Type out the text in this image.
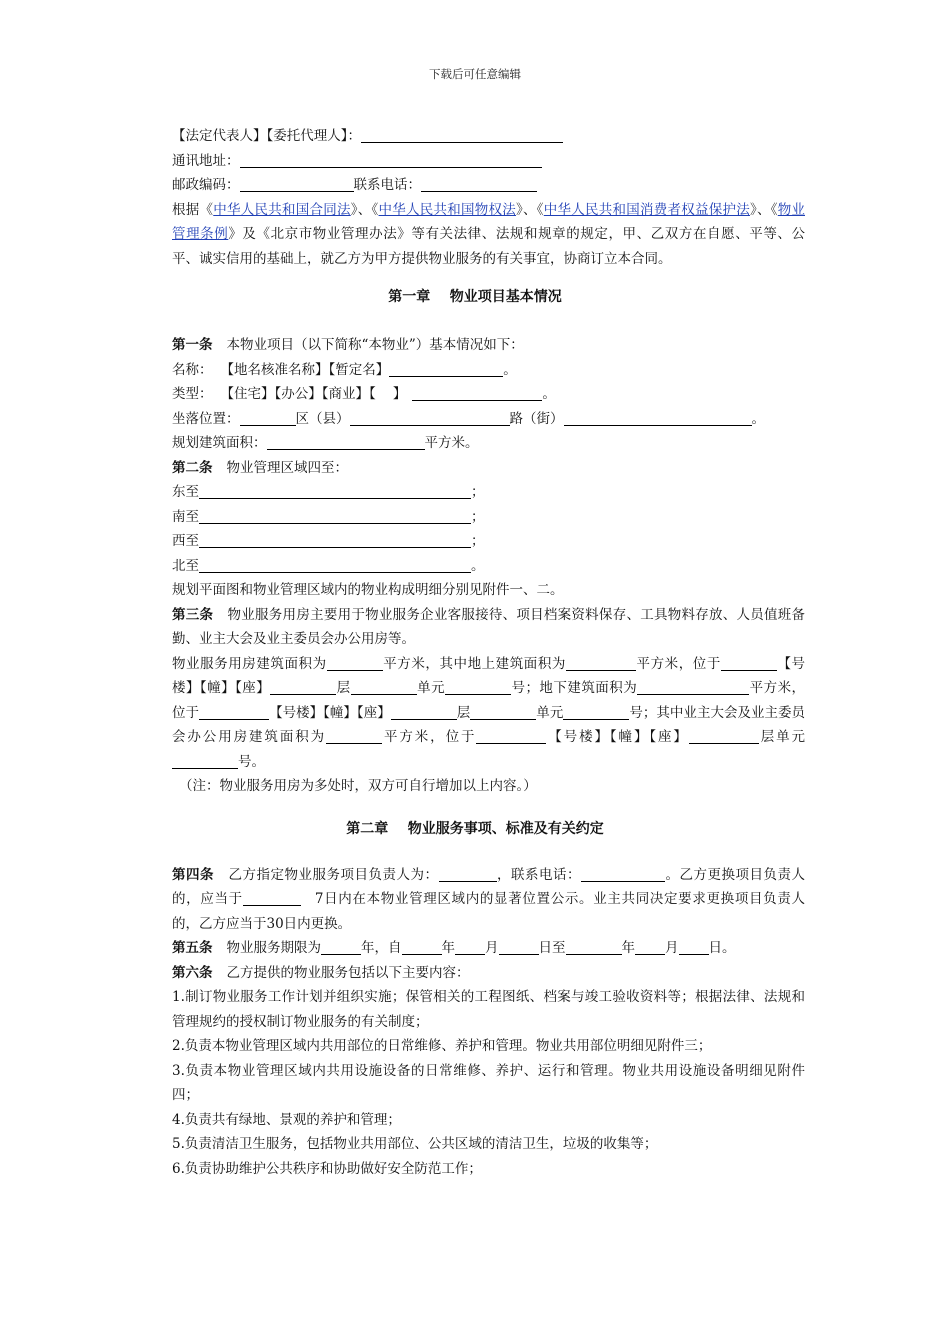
下载后可任意编辑

【法定代表人】【委托代理人】：

通讯地址：

邮政编码：	联系电话：

根据《中华人民共和国合同法》、《中华人民共和国物权法》、《中华人民共和国消费者权益保护法》、《物业管理条例》及《北京市物业管理办法》等有关法律、法规和规章的规定，甲、乙双方在自愿、平等、公平、诚实信用的基础上，就乙方为甲方提供物业服务的有关事宜，协商订立本合同。

第一章    物业项目基本情况

第一条 本物业项目（以下简称“本物业”）基本情况如下：

名称： 【地名核准名称】【暂定名】	。

类型： 【住宅】【办公】【商业】【    】	。

坐落位置：	区（县）	路（街）	。

规划建筑面积：	平方米。

第二条 物业管理区域四至：

东至	；

南至	；

西至	；

北至	。

规划平面图和物业管理区域内的物业构成明细分别见附件一、二。

第三条 物业服务用房主要用于物业服务企业客服接待、项目档案资料保存、工具物料存放、人员值班备勤、业主大会及业主委员会办公用房等。

物业服务用房建筑面积为	平方米，其中地上建筑面积为	平方米，位于	【号楼】【幢】【座】	层	单元	号；地下建筑面积为	平方米，位于	【号楼】【幢】【座】	层	单元	号；其中业主大会及业主委员会办公用房建筑面积为	平方米，位于	【号楼】【幢】【座】	层单元号。

（注：物业服务用房为多处时，双方可自行增加以上内容。）

第二章    物业服务事项、标准及有关约定

第四条 乙方指定物业服务项目负责人为：	，联系电话：	。乙方更换项目负责人的，应当于	7日内在本物业管理区域内的显著位置公示。业主共同决定要求更换项目负责人的，乙方应当于30日内更换。

第五条 物业服务期限为	年，自	年 月	日至	年 月 日。

第六条 乙方提供的物业服务包括以下主要内容：

1.制订物业服务工作计划并组织实施；保管相关的工程图纸、档案与竣工验收资料等；根据法律、法规和管理规约的授权制订物业服务的有关制度；

2.负责本物业管理区域内共用部位的日常维修、养护和管理。物业共用部位明细见附件三；

3.负责本物业管理区域内共用设施设备的日常维修、养护、运行和管理。物业共用设施设备明细见附件四；

4.负责共有绿地、景观的养护和管理；

5.负责清洁卫生服务，包括物业共用部位、公共区域的清洁卫生，垃圾的收集等；

6.负责协助维护公共秩序和协助做好安全防范工作；
